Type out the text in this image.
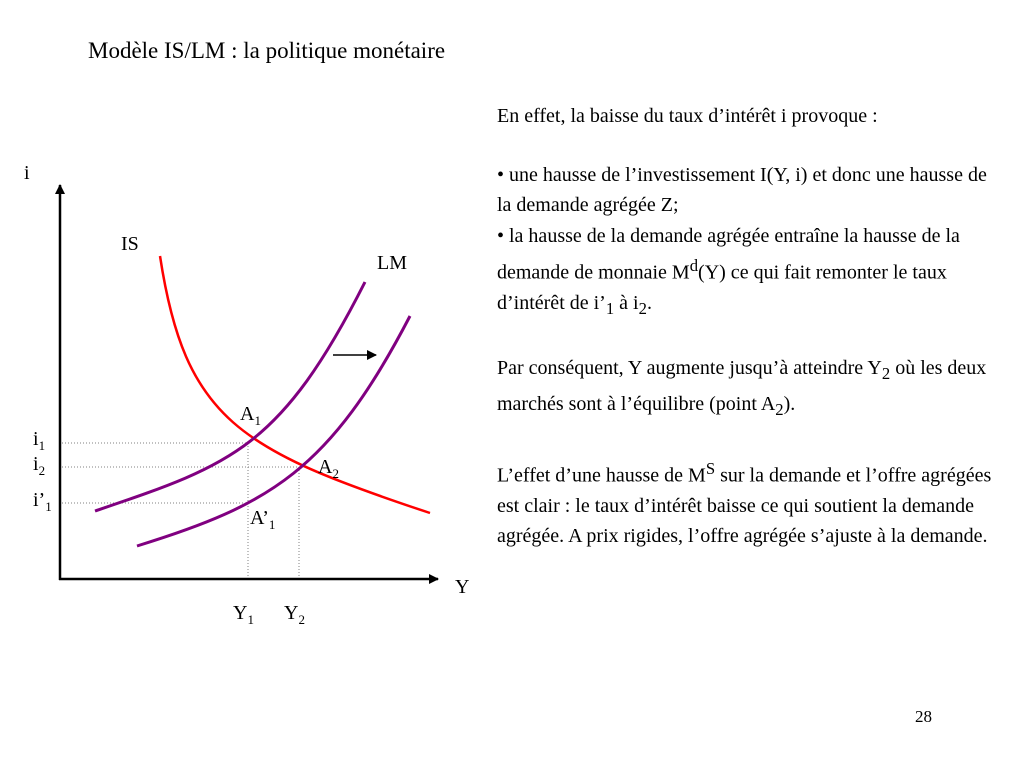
Modèle IS/LM : la politique monétaire
i
Y
IS
LM
$A_1$
$A_2$
$A’_1$
$i_1$
$i_2$
$i’_1$
$Y_1$ $Y_2$

En effet, la baisse du taux d’intérêt i provoque :

• une hausse de l’investissement I(Y, i) et donc une hausse de la demande agrégée Z;

• la hausse de la demande agrégée entraîne la hausse de la demande de monnaie $M^d(Y)$ ce qui fait remonter le taux d’intérêt de $i’_1$ à $i_2$.

Par conséquent, Y augmente jusqu’à atteindre $Y_2$ où les deux marchés sont à l’équilibre (point $A_2$).

L’effet d’une hausse de $M^S$ sur la demande et l’offre agrégées est clair : le taux d’intérêt baisse ce qui soutient la demande agrégée. A prix rigides, l’offre agrégée s’ajuste à la demande.

28
